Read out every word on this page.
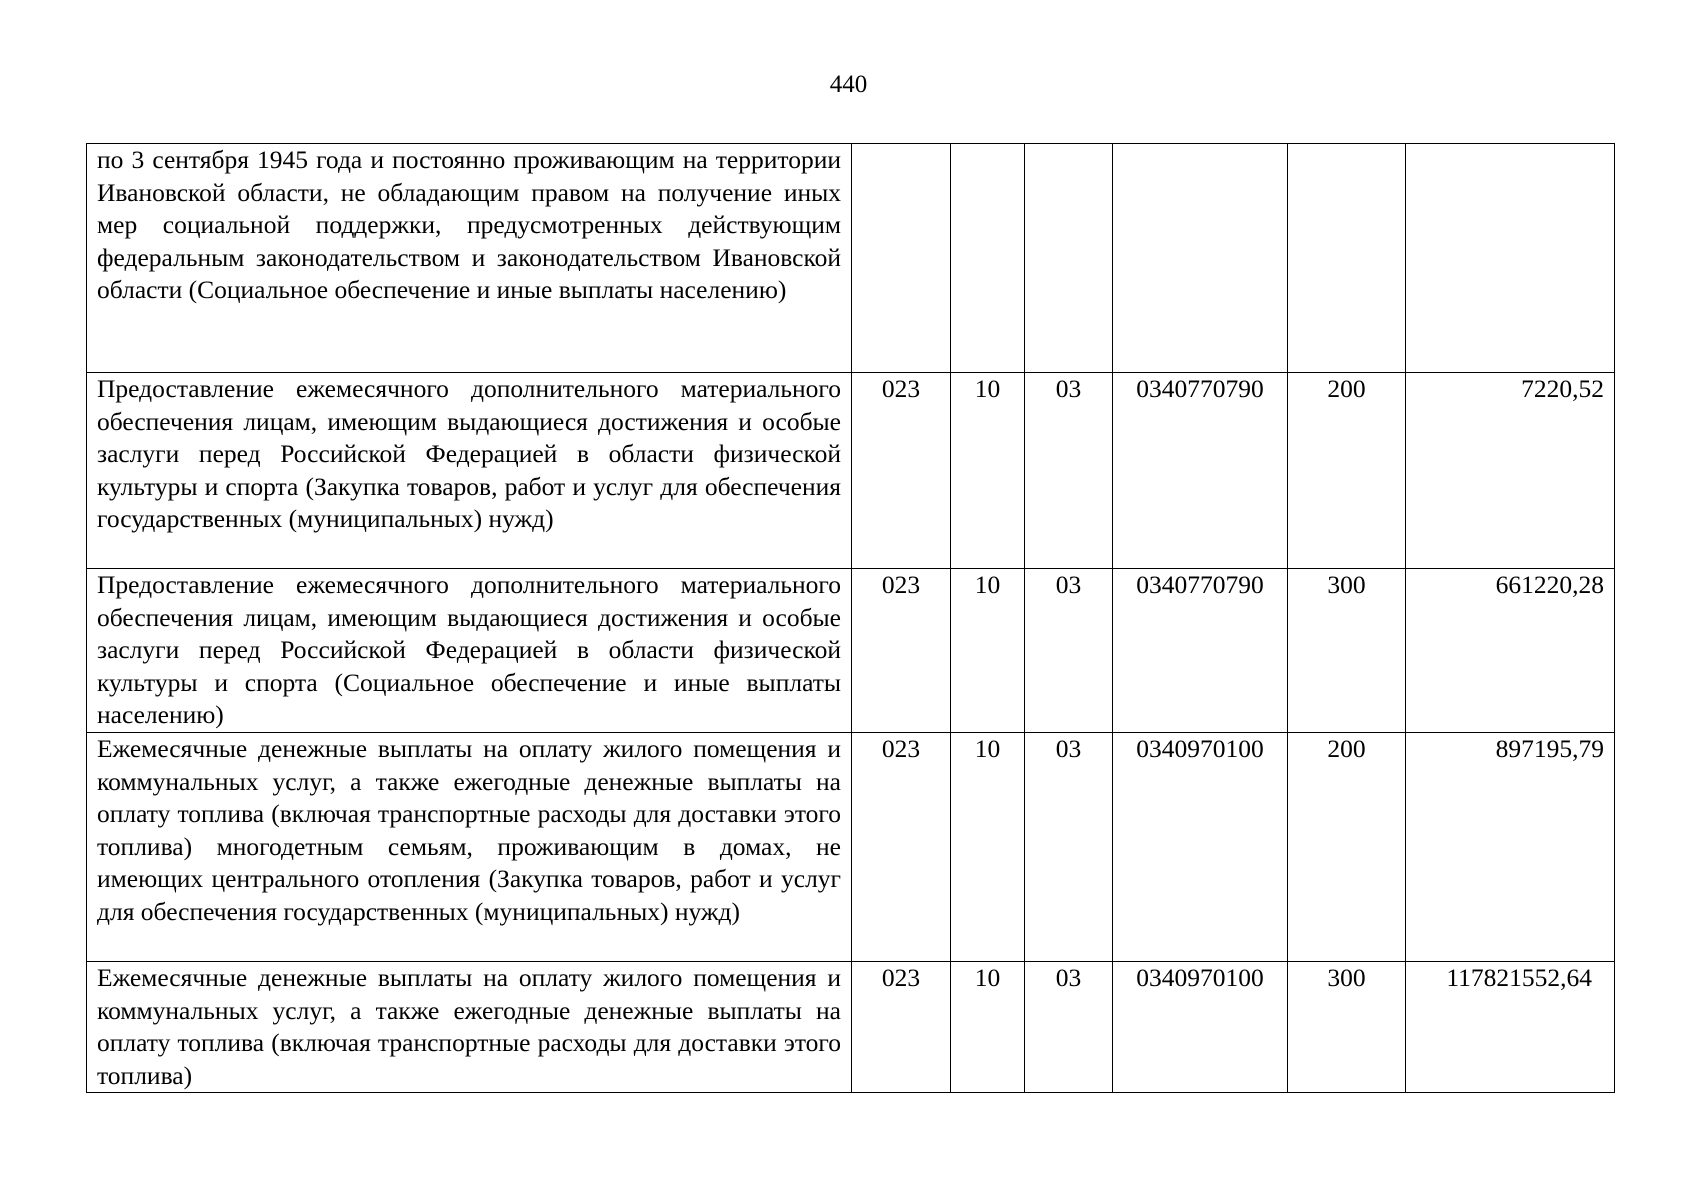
440
по 3 сентября 1945 года и постоянно проживающим на территории Ивановской области, не обладающим правом на получение иных мер социальной поддержки, предусмотренных действующим федеральным законодательством и законодательством Ивановской области (Социальное обеспечение и иные выплаты населению)						
Предоставление ежемесячного дополнительного материального обеспечения лицам, имеющим выдающиеся достижения и особые заслуги перед Российской Федерацией в области физической культуры и спорта (Закупка товаров, работ и услуг для обеспечения государственных (муниципальных) нужд)	023	10	03	0340770790	200	7220,52
Предоставление ежемесячного дополнительного материального обеспечения лицам, имеющим выдающиеся достижения и особые заслуги перед Российской Федерацией в области физической культуры и спорта (Социальное обеспечение и иные выплаты населению)	023	10	03	0340770790	300	661220,28
Ежемесячные денежные выплаты на оплату жилого помещения и коммунальных услуг, а также ежегодные денежные выплаты на оплату топлива (включая транспортные расходы для доставки этого топлива) многодетным семьям, проживающим в домах, не имеющих центрального отопления (Закупка товаров, работ и услуг для обеспечения государственных (муниципальных) нужд)	023	10	03	0340970100	200	897195,79
Ежемесячные денежные выплаты на оплату жилого помещения и коммунальных услуг, а также ежегодные денежные выплаты на оплату топлива (включая транспортные расходы для доставки этого топлива)	023	10	03	0340970100	300	117821552,64
